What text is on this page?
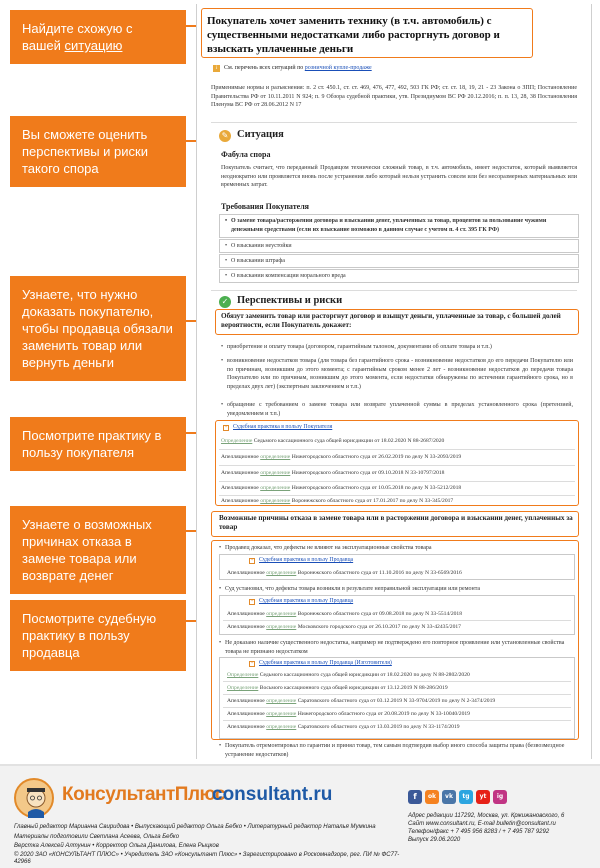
Найдите схожую с вашей ситуацию
Вы сможете оценить перспективы и риски такого спора
Узнаете, что нужно доказать покупателю, чтобы продавца обязали заменить товар или вернуть деньги
Посмотрите практику в пользу покупателя
Узнаете о возможных причинах отказа в замене товара или возврате денег
Посмотрите судебную практику в пользу продавца
Покупатель хочет заменить технику (в т.ч. автомобиль) с существенными недостатками либо расторгнуть договор и взыскать уплаченные деньги
i См. перечень всех ситуаций по розничной купле-продаже
Применимые нормы и разъяснения: п. 2 ст. 450.1, ст. ст. 469, 476, 477, 492, 503 ГК РФ; ст. ст. 18, 19, 21 - 23 Закона о ЗПП; Постановление Правительства РФ от 10.11.2011 N 924; п. 9 Обзора судебной практики, утв. Президиумом ВС РФ 20.12.2016; п. п. 13, 28, 38 Постановления Пленума ВС РФ от 28.06.2012 N 17
✎ Ситуация
Фабула спора
Покупатель считает, что переданный Продавцом технически сложный товар, в т.ч. автомобиль, имеет недостаток, который выявляется неоднократно или проявляется вновь после устранения либо который нельзя устранить совсем или без несоразмерных материальных или временных затрат.
Требования Покупателя
• О замене товара/расторжении договора и взыскании денег, уплаченных за товар, процентов за пользование чужими денежными средствами (если их взыскание возможно в данном случае с учетом п. 4 ст. 395 ГК РФ)
• О взыскании неустойки
• О взыскании штрафа
• О взыскании компенсации морального вреда
✓ Перспективы и риски
Обязут заменить товар или расторгнут договор и взыщут деньги, уплаченные за товар, с большей долей вероятности, если Покупатель докажет:
• приобретение и оплату товара (договором, гарантийным талоном, документами об оплате товара и т.п.)
• возникновение недостатков товара (для товара без гарантийного срока - возникновение недостатков до его передачи Покупателю или по причинам, возникшим до этого момента; с гарантийным сроком менее 2 лет - возникновение недостатков до передачи товара Покупателю или по причинам, возникшим до этого момента, если недостатки обнаружены по истечении гарантийного срока, но в пределах двух лет) (экспертным заключением и т.п.)
• обращение с требованием о замене товара или возврате уплаченной суммы в пределах установленного срока (претензией, уведомлением и т.п.)
+ Судебная практика в пользу Покупателя
Определение Седьмого кассационного суда общей юрисдикции от 18.02.2020 N 88-2687/2020
Апелляционное определение Нижегородского областного суда от 26.02.2019 по делу N 33-2093/2019
Апелляционное определение Нижегородского областного суда от 09.10.2018 N 33-10797/2018
Апелляционное определение Нижегородского областного суда от 10.05.2018 по делу N 33-5212/2018
Апелляционное определение Воронежского областного суда от 17.01.2017 по делу N 33-345/2017
Возможные причины отказа в замене товара или в расторжении договора и взыскании денег, уплаченных за товар
• Продавец доказал, что дефекты не влияют на эксплуатационные свойства товара
+ Судебная практика в пользу Продавца
Апелляционное определение Воронежского областного суда от 11.10.2016 по делу N 33-6569/2016
• Суд установил, что дефекты товара возникли в результате неправильной эксплуатации или ремонта
+ Судебная практика в пользу Продавца
Апелляционное определение Воронежского областного суда от 09.08.2018 по делу N 33-5514/2018
Апелляционное определение Московского городского суда от 26.10.2017 по делу N 33-42435/2017
• Не доказано наличие существенного недостатка, например не подтверждено его повторное проявление или установленные свойства товара не признано недостатком
+ Судебная практика в пользу Продавца (Изготовителя)
Определение Седьмого кассационного суда общей юрисдикции от 18.02.2020 по делу N 88-2802/2020
Определение Восьмого кассационного суда общей юрисдикции от 13.12.2019 N 88-286/2019
Апелляционное определение Саратовского областного суда от 03.12.2019 N 33-9704/2019 по делу N 2-3474/2019
Апелляционное определение Нижегородского областного суда от 20.08.2019 по делу N 33-10040/2019
Апелляционное определение Саратовского областного суда от 13.03.2019 по делу N 33-1174/2019
• Покупатель отремонтировал по гарантии и принял товар, тем самым подтвердив выбор иного способа защиты права (безвозмездное устранение недостатков)
КонсультантПлюс
consultant.ru	f	ok	vk	tg	yt	ig
Главный редактор Марианна Свиридова • Выпускающий редактор Ольга Бебко • Литературный редактор Наталья Мумкина
Материалы подготовили Светлана Асеева, Ольга Бебко
Верстка Алексей Алтунин • Корректор Ольга Данилова, Елена Рыцков
© 2020 ЗАО «КОНСУЛЬТАНТ ПЛЮС» • Учредитель ЗАО «Консультант Плюс» • Зарегистрировано в Роскомнадзоре, рег. ПИ № ФС77-42966
Адрес редакции 117292, Москва, ул. Кржижановского, 6
Сайт www.consultant.ru, E-mail bulletin@consultant.ru
Телефон/факс + 7 495 956 8283 / + 7 495 787 9292
Выпуск 29.06.2020
